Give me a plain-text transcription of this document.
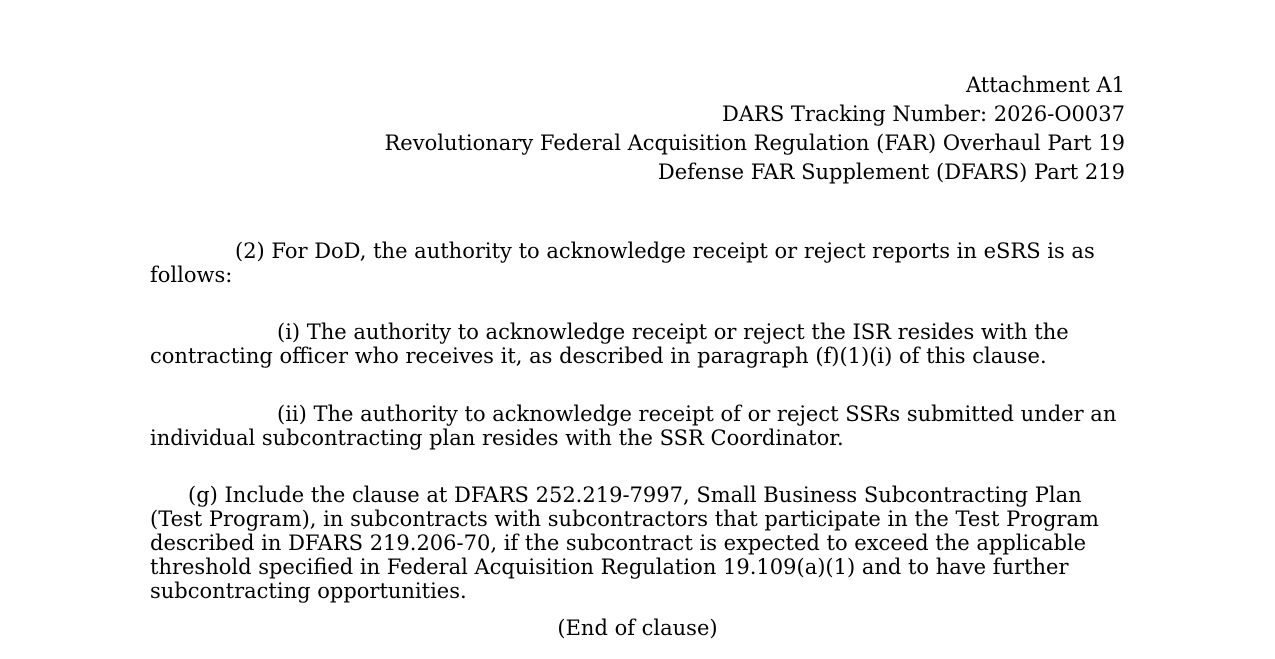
Attachment A1
DARS Tracking Number: 2026-O0037
Revolutionary Federal Acquisition Regulation (FAR) Overhaul Part 19
Defense FAR Supplement (DFARS) Part 219

(2) For DoD, the authority to acknowledge receipt or reject reports in eSRS is as follows:

(i) The authority to acknowledge receipt or reject the ISR resides with the contracting officer who receives it, as described in paragraph (f)(1)(i) of this clause.

(ii) The authority to acknowledge receipt of or reject SSRs submitted under an individual subcontracting plan resides with the SSR Coordinator.

(g) Include the clause at DFARS 252.219-7997, Small Business Subcontracting Plan (Test Program), in subcontracts with subcontractors that participate in the Test Program described in DFARS 219.206-70, if the subcontract is expected to exceed the applicable threshold specified in Federal Acquisition Regulation 19.109(a)(1) and to have further subcontracting opportunities.

(End of clause)
